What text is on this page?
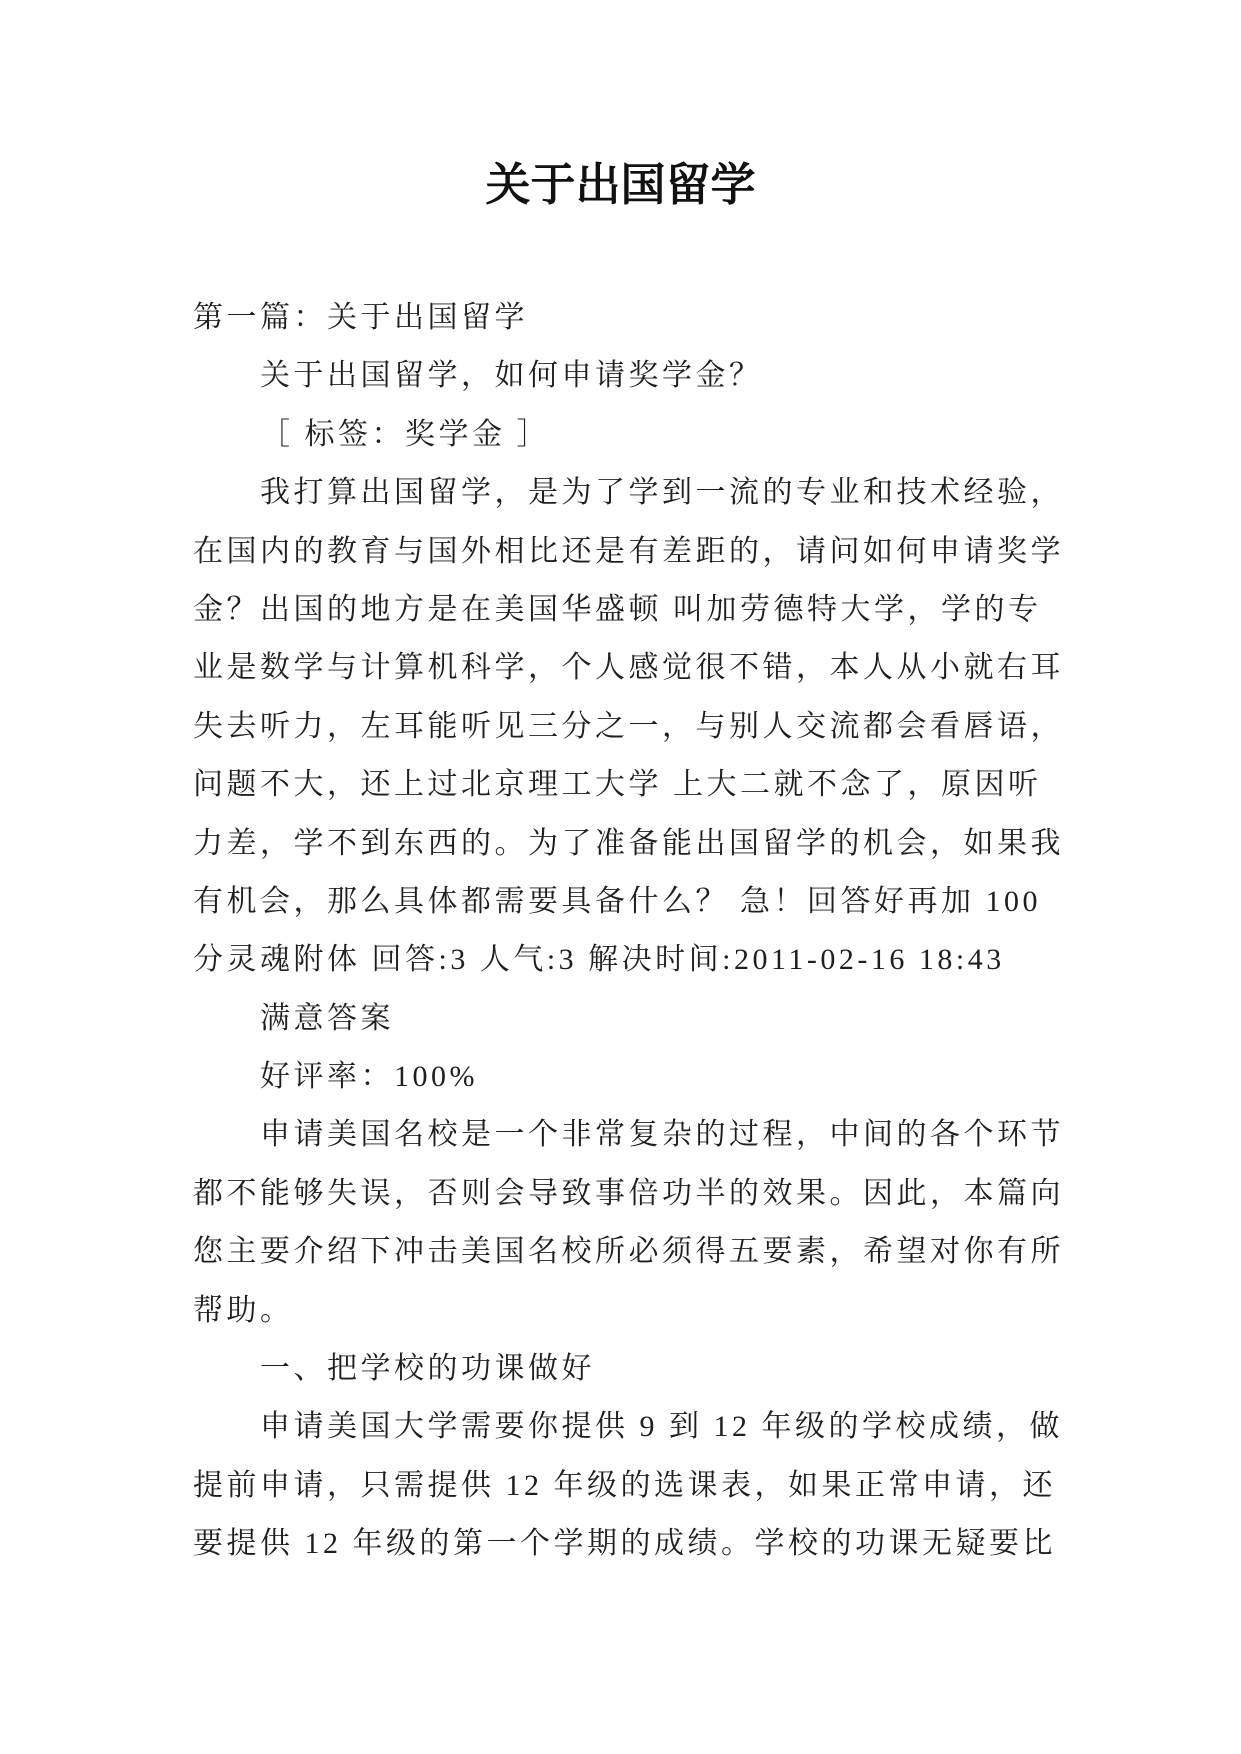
关于出国留学
第一篇：关于出国留学
关于出国留学，如何申请奖学金？
［ 标签：奖学金 ］
我打算出国留学，是为了学到一流的专业和技术经验，
在国内的教育与国外相比还是有差距的，请问如何申请奖学
金？出国的地方是在美国华盛顿 叫加劳德特大学，学的专
业是数学与计算机科学，个人感觉很不错，本人从小就右耳
失去听力，左耳能听见三分之一，与别人交流都会看唇语，
问题不大，还上过北京理工大学 上大二就不念了，原因听
力差，学不到东西的。为了准备能出国留学的机会，如果我
有机会，那么具体都需要具备什么？ 急！回答好再加 100
分灵魂附体 回答:3 人气:3 解决时间:2011-02-16 18:43
满意答案
好评率：100%
申请美国名校是一个非常复杂的过程，中间的各个环节
都不能够失误，否则会导致事倍功半的效果。因此，本篇向
您主要介绍下冲击美国名校所必须得五要素，希望对你有所
帮助。
一、把学校的功课做好
申请美国大学需要你提供 9 到 12 年级的学校成绩，做
提前申请，只需提供 12 年级的选课表，如果正常申请，还
要提供 12 年级的第一个学期的成绩。学校的功课无疑要比
